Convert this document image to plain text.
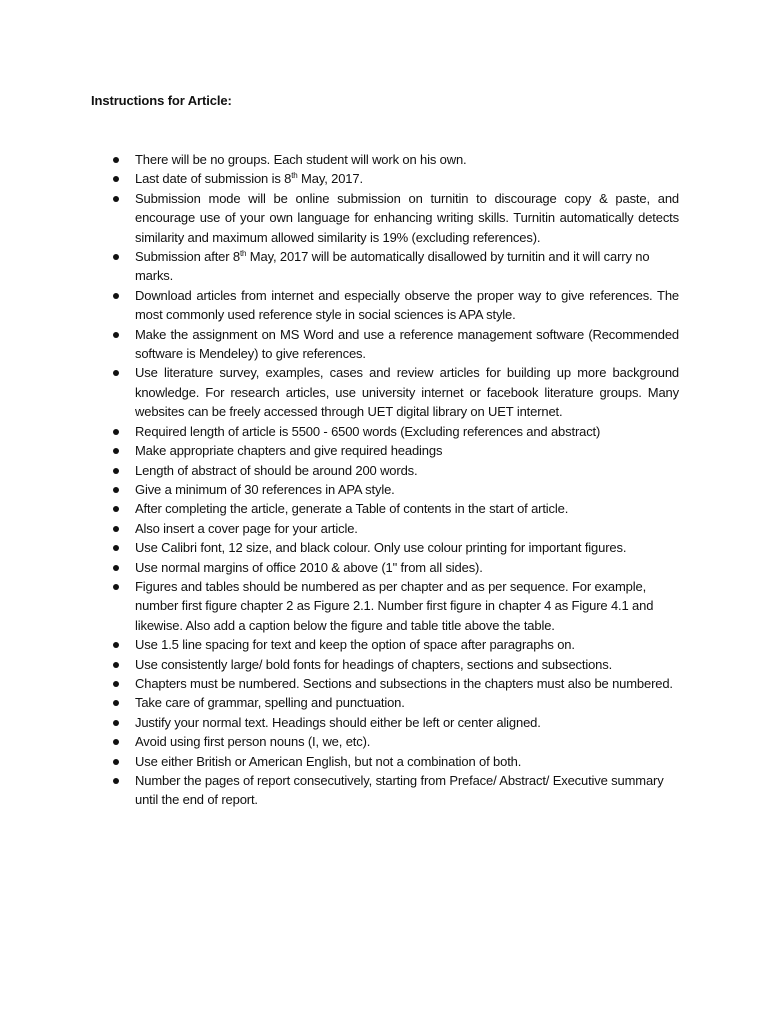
Instructions for Article:
There will be no groups. Each student will work on his own.
Last date of submission is 8th May, 2017.
Submission mode will be online submission on turnitin to discourage copy & paste, and encourage use of your own language for enhancing writing skills. Turnitin automatically detects similarity and maximum allowed similarity is 19% (excluding references).
Submission after 8th May, 2017 will be automatically disallowed by turnitin and it will carry no marks.
Download articles from internet and especially observe the proper way to give references. The most commonly used reference style in social sciences is APA style.
Make the assignment on MS Word and use a reference management software (Recommended software is Mendeley) to give references.
Use literature survey, examples, cases and review articles for building up more background knowledge. For research articles, use university internet or facebook literature groups. Many websites can be freely accessed through UET digital library on UET internet.
Required length of article is 5500 - 6500 words (Excluding references and abstract)
Make appropriate chapters and give required headings
Length of abstract of should be around 200 words.
Give a minimum of 30 references in APA style.
After completing the article, generate a Table of contents in the start of article.
Also insert a cover page for your article.
Use Calibri font, 12 size, and black colour. Only use colour printing for important figures.
Use normal margins of office 2010 & above (1" from all sides).
Figures and tables should be numbered as per chapter and as per sequence. For example, number first figure chapter 2 as Figure 2.1. Number first figure in chapter 4 as Figure 4.1 and likewise. Also add a caption below the figure and table title above the table.
Use 1.5 line spacing for text and keep the option of space after paragraphs on.
Use consistently large/ bold fonts for headings of chapters, sections and subsections.
Chapters must be numbered. Sections and subsections in the chapters must also be numbered.
Take care of grammar, spelling and punctuation.
Justify your normal text. Headings should either be left or center aligned.
Avoid using first person nouns (I, we, etc).
Use either British or American English, but not a combination of both.
Number the pages of report consecutively, starting from Preface/ Abstract/ Executive summary until the end of report.
